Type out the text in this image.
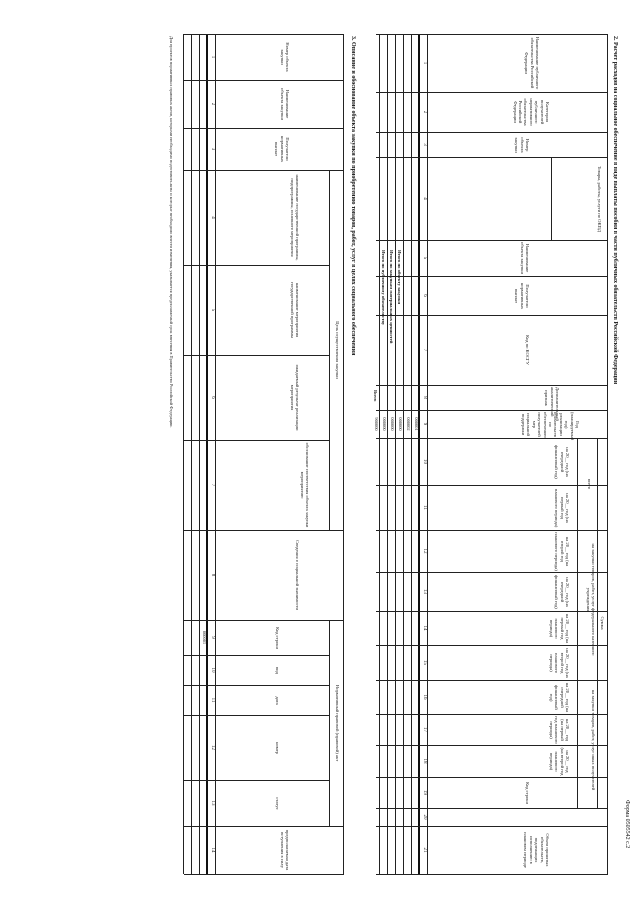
Форма 0505542 с.2
2. Расчет расходов на социальное обеспечение в виде выплаты пособия в части публичных обязательств Российской Федерации
Наименование публичного обязательства Российской Федерации
Категория получателей публичного нормативного обязательства Российской Федерации
Номер объекта закупки
Товары, работы, услуги по ОКПД
Наименование объекта закупки
Получатели нормативных выплат
Код по КОСГУ
Дополнительный аналитический признак
Год (планируемый год) реализации обязательств по обеспечению получателей мер социальной поддержки
Сумма
всего
на закупки товаров, работ, услуг федерального казенного учреждения
на закупки товаров, работ, услуг иных получателей
Объем принятых обязательств, подлежащих исполнению в плановом периоде
на 20__ год (на очередной финансовый год)
на 20__ год (на первый год планового периода)
на 20__ год (на второй год планового периода)
на 20__ год (на очередной финансовый год)
на 20__ год (на первый год планового периода)
на 20__ год (на второй год планового периода)
на 20__ год (на очередной финансовый год)
на 20__ год (на первый год планового периода)
на 20__ год (на второй год планового периода)
Код строки
1
2
3
4
5
6
7
8
9
10
11
12
13
14
15
16
17
18
19
20
21
000001
000002
Итого по объекту закупки
000000
Итого по закупкам материальных ценностей
000000
Итого по публичному обязательству
000000
Всего
900000
3. Описание и обоснование объекта закупки по приобретению товаров, работ, услуг в целях социального обеспечения
Номер объекта закупки
Наименование объекта закупки
Получатели нормативных выплат
Цель осуществления закупки
наименование государственной программы, подпрограммы, основного мероприятия
наименование мероприятия государственной программы
ожидаемый результат реализации мероприятия
обоснование соответствия объекта закупки мероприятию
Сведения о социальной значимости
Нормативный правовой (правовой) акт
Код строки
вид
дата
номер
статус
предполагаемая дата вступления в силу
1
2
3
4
5
6
7
8
9
10
11
12
13
14
000001
Для проектов нормативных правовых актов, которыми необходимо подготовить акты и которые необходимо внести изменения, указывается предполагаемый срок внесения в Правительство Российской Федерации.
